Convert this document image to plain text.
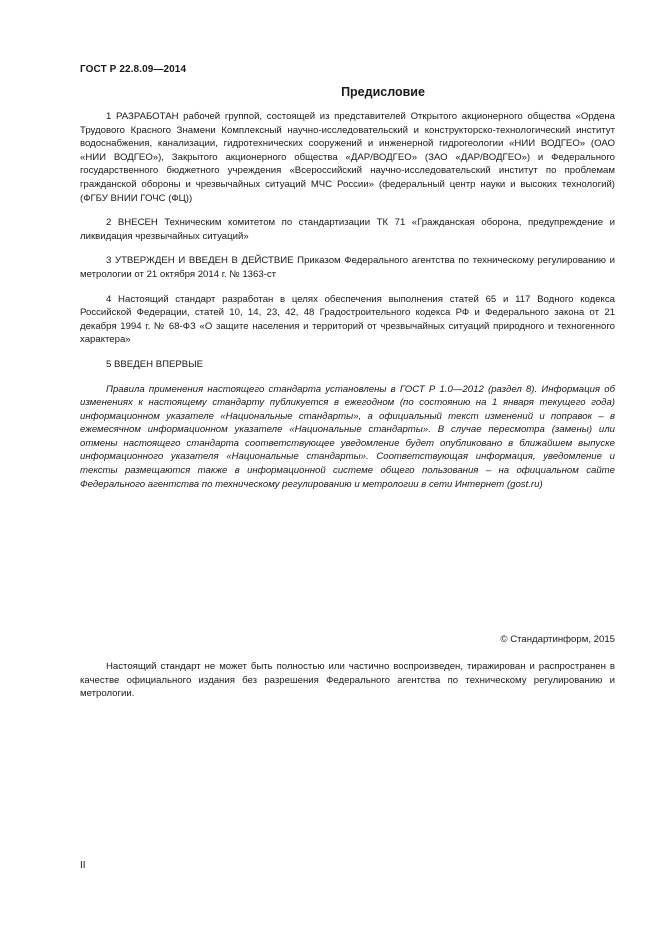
ГОСТ Р 22.8.09—2014
Предисловие

1 РАЗРАБОТАН рабочей группой, состоящей из представителей Открытого акционерного общества «Ордена Трудового Красного Знамени Комплексный научно-исследовательский и конструкторско-технологический институт водоснабжения, канализации, гидротехнических сооружений и инженерной гидрогеологии «НИИ ВОДГЕО» (ОАО «НИИ ВОДГЕО»), Закрытого акционерного общества «ДАР/ВОДГЕО» (ЗАО «ДАР/ВОДГЕО») и Федерального государственного бюджетного учреждения «Всероссийский научно-исследовательский институт по проблемам гражданской обороны и чрезвычайных ситуаций МЧС России» (федеральный центр науки и высоких технологий) (ФГБУ ВНИИ ГОЧС (ФЦ))

2 ВНЕСЕН Техническим комитетом по стандартизации ТК 71 «Гражданская оборона, предупреждение и ликвидация чрезвычайных ситуаций»

3 УТВЕРЖДЕН И ВВЕДЕН В ДЕЙСТВИЕ Приказом Федерального агентства по техническому регулированию и метрологии от 21 октября 2014 г. № 1363-ст

4 Настоящий стандарт разработан в целях обеспечения выполнения статей 65 и 117 Водного кодекса Российской Федерации, статей 10, 14, 23, 42, 48 Градостроительного кодекса РФ и Федерального закона от 21 декабря 1994 г. № 68-ФЗ «О защите населения и территорий от чрезвычайных ситуаций природного и техногенного характера»

5 ВВЕДЕН ВПЕРВЫЕ

Правила применения настоящего стандарта установлены в ГОСТ Р 1.0—2012 (раздел 8). Информация об изменениях к настоящему стандарту публикуется в ежегодном (по состоянию на 1 января текущего года) информационном указателе «Национальные стандарты», а официальный текст изменений и поправок – в ежемесячном информационном указателе «Национальные стандарты». В случае пересмотра (замены) или отмены настоящего стандарта соответствующее уведомление будет опубликовано в ближайшем выпуске информационного указателя «Национальные стандарты». Соответствующая информация, уведомление и тексты размещаются также в информационной системе общего пользования – на официальном сайте Федерального агентства по техническому регулированию и метрологии в сети Интернет (gost.ru)

© Стандартинформ, 2015

Настоящий стандарт не может быть полностью или частично воспроизведен, тиражирован и распространен в качестве официального издания без разрешения Федерального агентства по техническому регулированию и метрологии.

II
